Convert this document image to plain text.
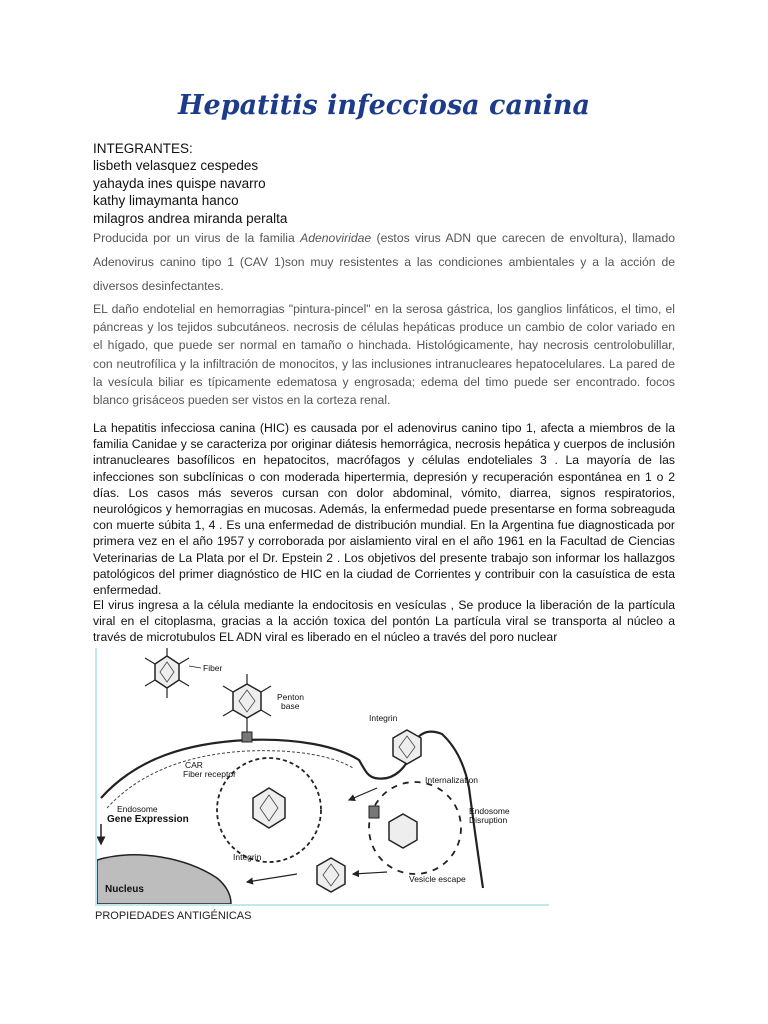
Hepatitis infecciosa canina
INTEGRANTES:
lisbeth velasquez cespedes
yahayda ines quispe navarro
kathy limaymanta hanco
milagros andrea miranda peralta

Producida por un virus de la familia Adenoviridae (estos virus ADN que carecen de envoltura), llamado Adenovirus canino tipo 1 (CAV 1)son muy resistentes a las condiciones ambientales y a la acción de diversos desinfectantes.

EL daño endotelial en hemorragias "pintura-pincel" en la serosa gástrica, los ganglios linfáticos, el timo, el páncreas y los tejidos subcutáneos. necrosis de células hepáticas produce un cambio de color variado en el hígado, que puede ser normal en tamaño o hinchada. Histológicamente, hay necrosis centrolobulillar, con neutrofílica y la infiltración de monocitos, y las inclusiones intranucleares hepatocelulares. La pared de la vesícula biliar es típicamente edematosa y engrosada; edema del timo puede ser encontrado. focos blanco grisáceos pueden ser vistos en la corteza renal.

La hepatitis infecciosa canina (HIC) es causada por el adenovirus canino tipo 1, afecta a miembros de la familia Canidae y se caracteriza por originar diátesis hemorrágica, necrosis hepática y cuerpos de inclusión intranucleares basofílicos en hepatocitos, macrófagos y células endoteliales 3 . La mayoría de las infecciones son subclínicas o con moderada hipertermia, depresión y recuperación espontánea en 1 o 2 días. Los casos más severos cursan con dolor abdominal, vómito, diarrea, signos respiratorios, neurológicos y hemorragias en mucosas. Además, la enfermedad puede presentarse en forma sobreaguda con muerte súbita 1, 4 . Es una enfermedad de distribución mundial. En la Argentina fue diagnosticada por primera vez en el año 1957 y corroborada por aislamiento viral en el año 1961 en la Facultad de Ciencias Veterinarias de La Plata por el Dr. Epstein 2 . Los objetivos del presente trabajo son informar los hallazgos patológicos del primer diagnóstico de HIC en la ciudad de Corrientes y contribuir con la casuística de esta enfermedad.

El virus ingresa a la célula mediante la endocitosis en vesículas , Se produce la liberación de la partícula viral en el citoplasma, gracias a la acción toxica del pontón La partícula viral se transporta al núcleo a través de microtubulos EL ADN viral es liberado en el núcleo a través del poro nuclear

Fiber
Penton
base
Integrin
Internalization
CAR
Fiber receptor
Endosome	Endosome
Disruption
Nucleus
Gene Expression
Integrin
Vesicle escape
PROPIEDADES ANTIGÉNICAS
